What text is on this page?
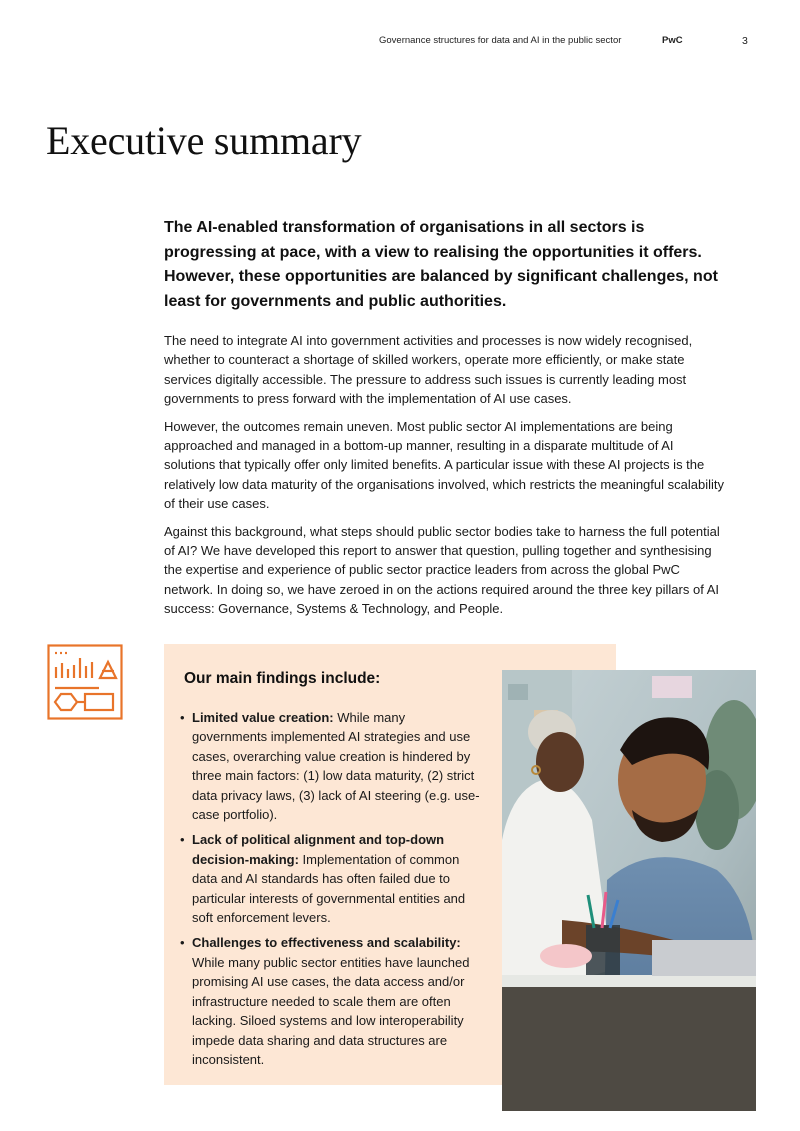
Governance structures for data and AI in the public sector	PwC	3
Executive summary

The AI-enabled transformation of organisations in all sectors is progressing at pace, with a view to realising the opportunities it offers. However, these opportunities are balanced by significant challenges, not least for governments and public authorities.

The need to integrate AI into government activities and processes is now widely recognised, whether to counteract a shortage of skilled workers, operate more efficiently, or make state services digitally accessible. The pressure to address such issues is currently leading most governments to press forward with the implementation of AI use cases.

However, the outcomes remain uneven. Most public sector AI implementations are being approached and managed in a bottom-up manner, resulting in a disparate multitude of AI solutions that typically offer only limited benefits. A particular issue with these AI projects is the relatively low data maturity of the organisations involved, which restricts the meaningful scalability of their use cases.

Against this background, what steps should public sector bodies take to harness the full potential of AI? We have developed this report to answer that question, pulling together and synthesising the expertise and experience of public sector practice leaders from across the global PwC network. In doing so, we have zeroed in on the actions required around the three key pillars of AI success: Governance, Systems & Technology, and People.

Our main findings include:
• Limited value creation: While many governments implemented AI strategies and use cases, overarching value creation is hindered by three main factors: (1) low data maturity, (2) strict data privacy laws, (3) lack of AI steering (e.g. use-case portfolio).
• Lack of political alignment and top-down decision-making: Implementation of common data and AI standards has often failed due to particular interests of governmental entities and soft enforcement levers.
• Challenges to effectiveness and scalability: While many public sector entities have launched promising AI use cases, the data access and/or infrastructure needed to scale them are often lacking. Siloed systems and low interoperability impede data sharing and data structures are inconsistent.
